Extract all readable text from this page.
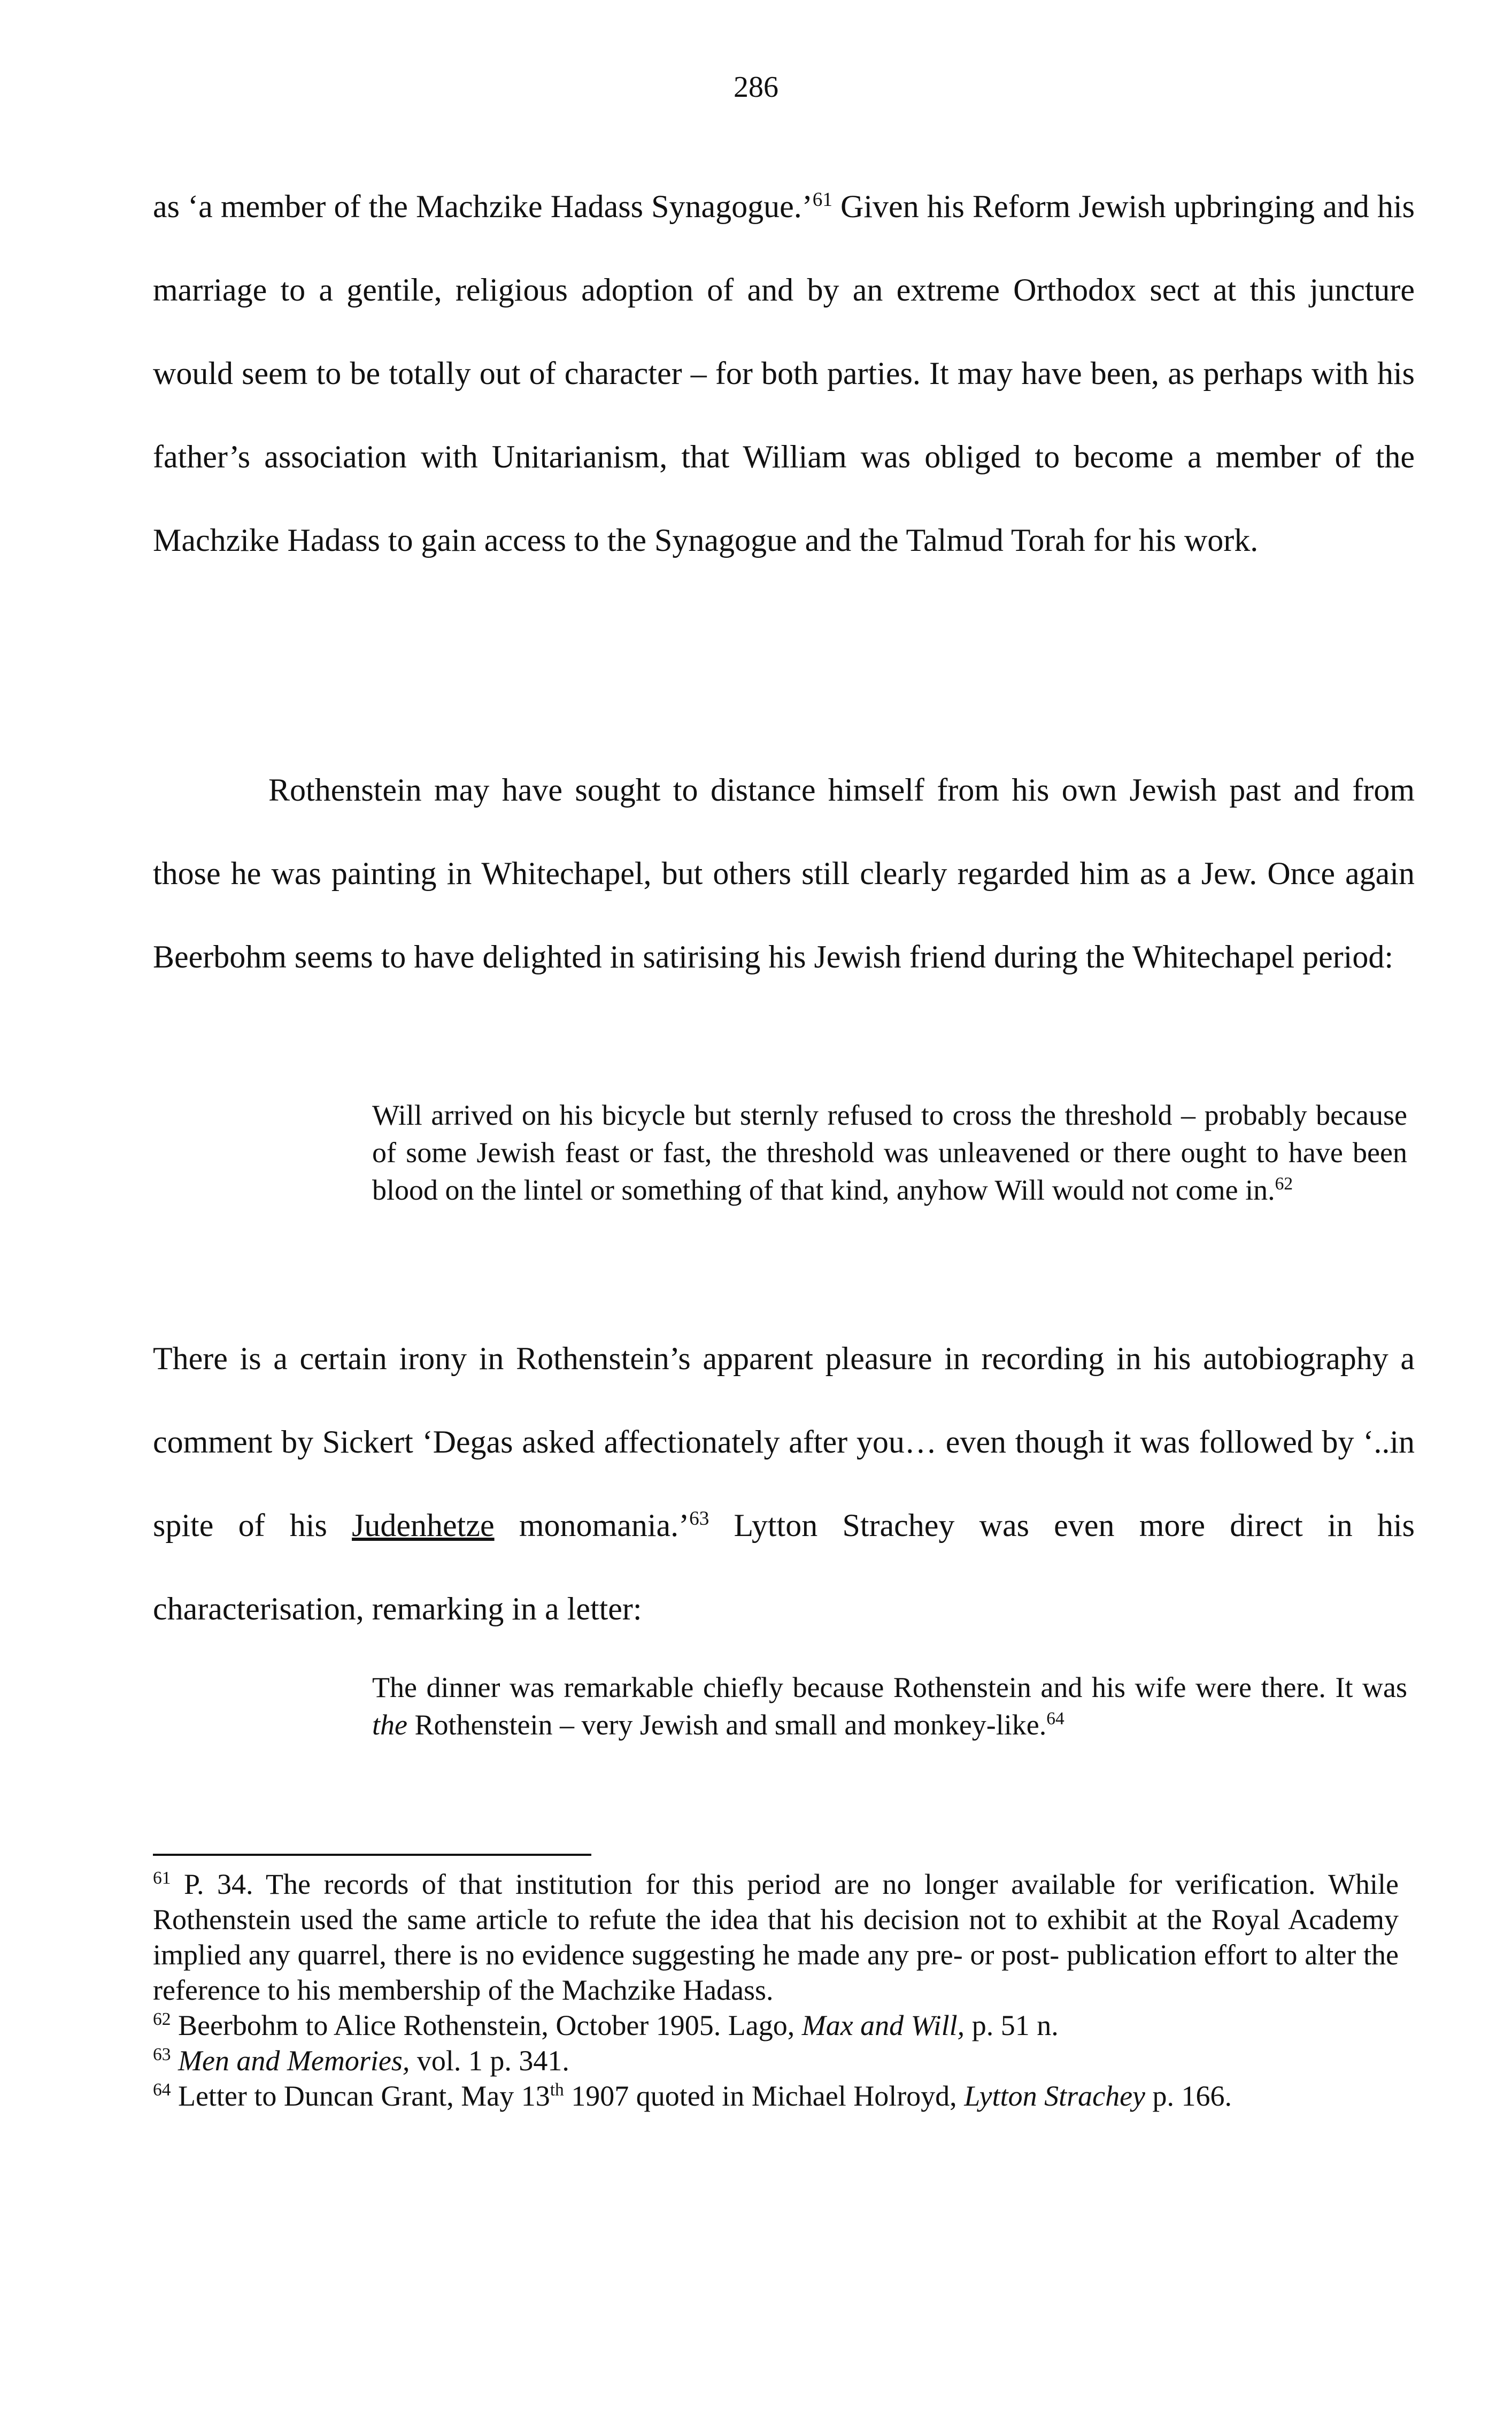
286

as ‘a member of the Machzike Hadass Synagogue.’$^{61}$ Given his Reform Jewish upbringing and his marriage to a gentile, religious adoption of and by an extreme Orthodox sect at this juncture would seem to be totally out of character – for both parties. It may have been, as perhaps with his father’s association with Unitarianism, that William was obliged to become a member of the Machzike Hadass to gain access to the Synagogue and the Talmud Torah for his work.

Rothenstein may have sought to distance himself from his own Jewish past and from those he was painting in Whitechapel, but others still clearly regarded him as a Jew. Once again Beerbohm seems to have delighted in satirising his Jewish friend during the Whitechapel period:

Will arrived on his bicycle but sternly refused to cross the threshold – probably because of some Jewish feast or fast, the threshold was unleavened or there ought to have been blood on the lintel or something of that kind, anyhow Will would not come in.$^{62}$

There is a certain irony in Rothenstein’s apparent pleasure in recording in his autobiography a comment by Sickert ‘Degas asked affectionately after you… even though it was followed by ‘..in spite of his Judenhetze monomania.’$^{63}$ Lytton Strachey was even more direct in his characterisation, remarking in a letter:

The dinner was remarkable chiefly because Rothenstein and his wife were there. It was the Rothenstein – very Jewish and small and monkey-like.$^{64}$

$^{61}$ P. 34. The records of that institution for this period are no longer available for verification. While Rothenstein used the same article to refute the idea that his decision not to exhibit at the Royal Academy implied any quarrel, there is no evidence suggesting he made any pre- or post- publication effort to alter the reference to his membership of the Machzike Hadass.

$^{62}$ Beerbohm to Alice Rothenstein, October 1905. Lago, Max and Will, p. 51 n.

$^{63}$ Men and Memories, vol. 1 p. 341.

$^{64}$ Letter to Duncan Grant, May 13th 1907 quoted in Michael Holroyd, Lytton Strachey p. 166.
